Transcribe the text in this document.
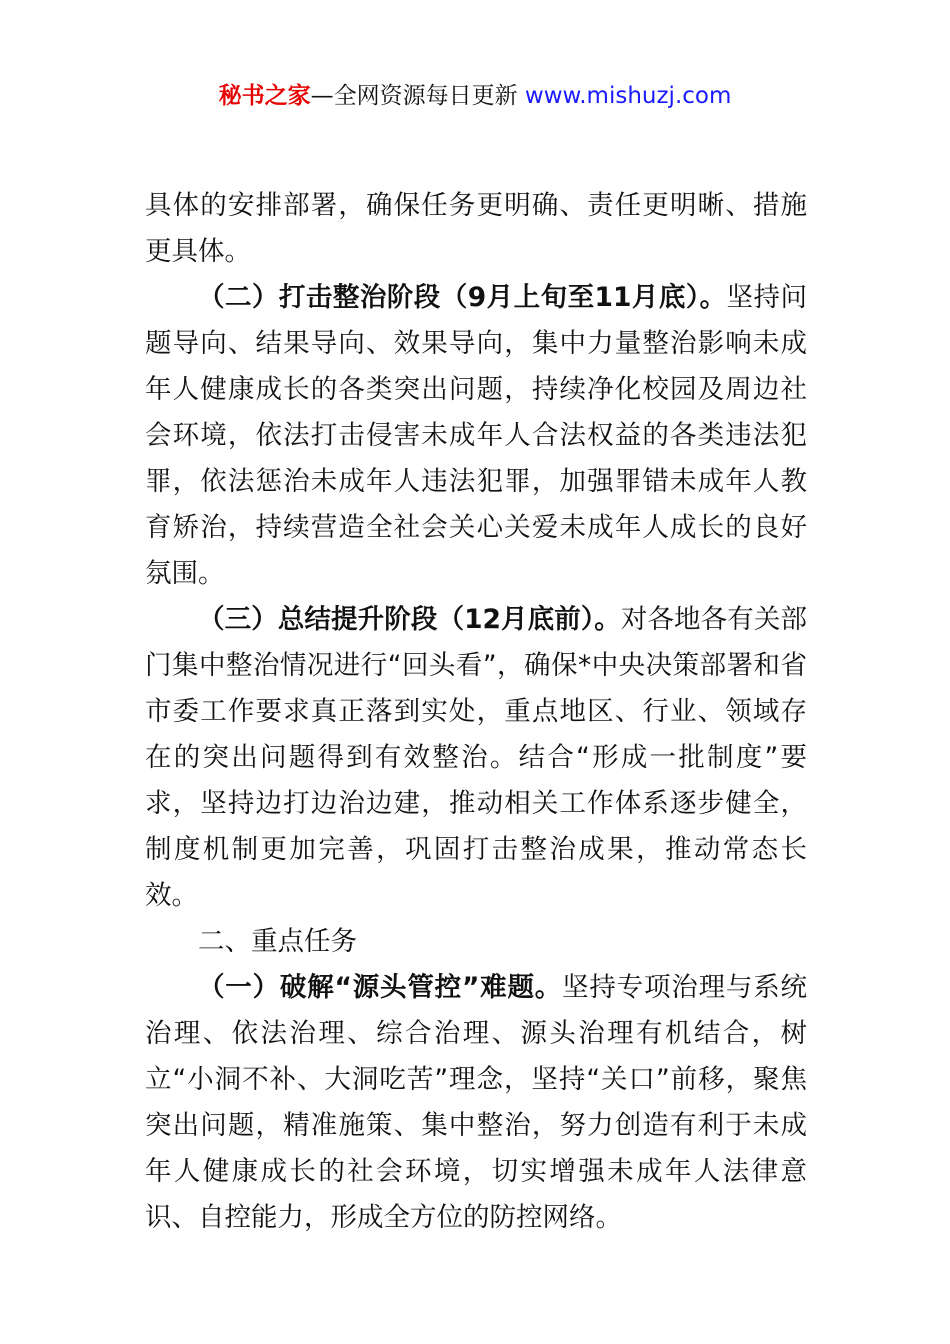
秘书之家—全网资源每日更新 www.mishuzj.com

具体的安排部署，确保任务更明确、责任更明晰、措施更具体。

（二）打击整治阶段（9月上旬至11月底）。坚持问题导向、结果导向、效果导向，集中力量整治影响未成年人健康成长的各类突出问题，持续净化校园及周边社会环境，依法打击侵害未成年人合法权益的各类违法犯罪，依法惩治未成年人违法犯罪，加强罪错未成年人教育矫治，持续营造全社会关心关爱未成年人成长的良好氛围。

（三）总结提升阶段（12月底前）。对各地各有关部门集中整治情况进行“回头看”，确保*中央决策部署和省市委工作要求真正落到实处，重点地区、行业、领域存在的突出问题得到有效整治。结合“形成一批制度”要求，坚持边打边治边建，推动相关工作体系逐步健全，制度机制更加完善，巩固打击整治成果，推动常态长效。

二、重点任务

（一）破解“源头管控”难题。坚持专项治理与系统治理、依法治理、综合治理、源头治理有机结合，树立“小洞不补、大洞吃苦”理念，坚持“关口”前移，聚焦突出问题，精准施策、集中整治，努力创造有利于未成年人健康成长的社会环境，切实增强未成年人法律意识、自控能力，形成全方位的防控网络。
